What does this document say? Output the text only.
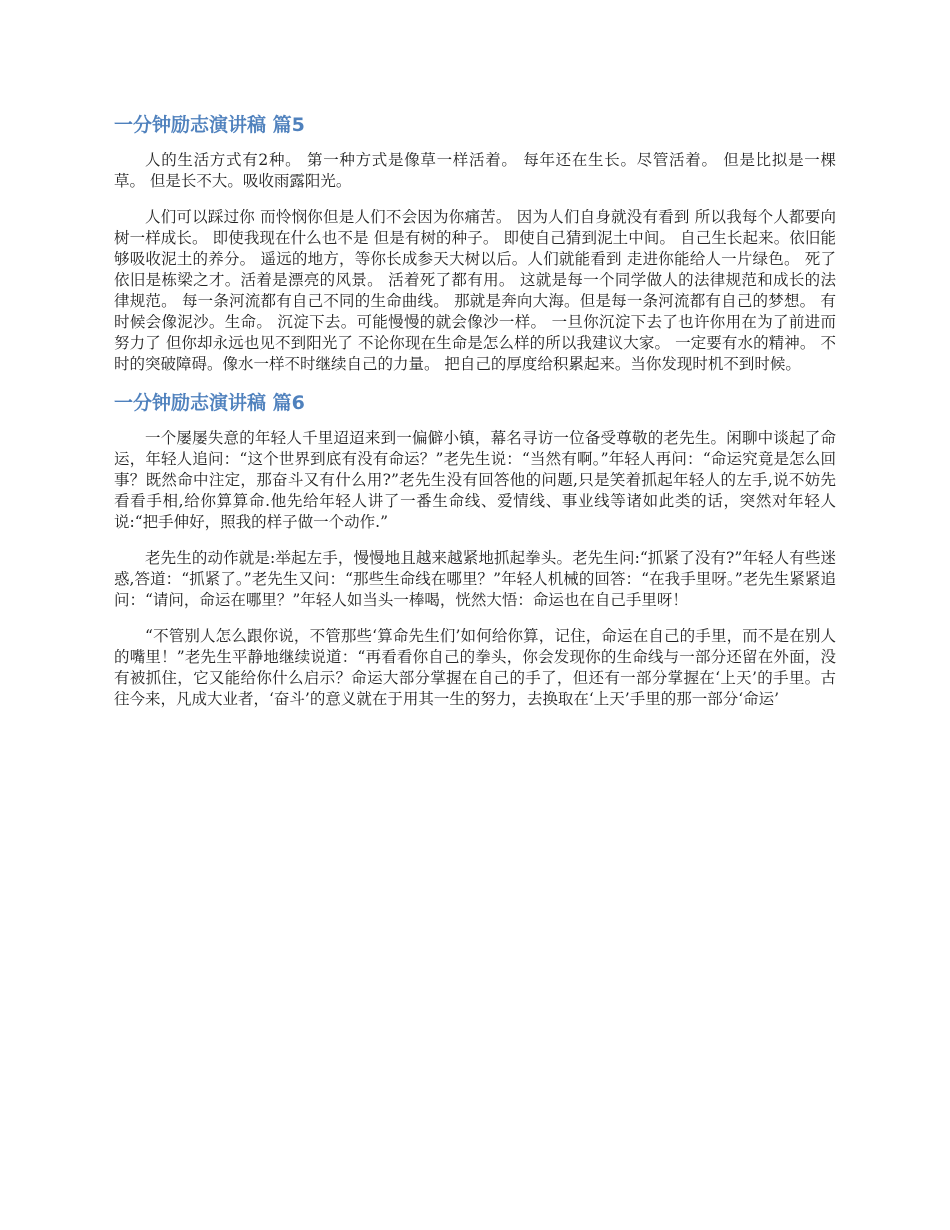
一分钟励志演讲稿 篇5

人的生活方式有2种。 第一种方式是像草一样活着。 每年还在生长。尽管活着。 但是比拟是一棵草。 但是长不大。吸收雨露阳光。

人们可以踩过你 而怜悯你但是人们不会因为你痛苦。 因为人们自身就没有看到 所以我每个人都要向树一样成长。 即使我现在什么也不是 但是有树的种子。 即使自己猜到泥土中间。 自己生长起来。依旧能够吸收泥土的养分。 遥远的地方，等你长成参天大树以后。人们就能看到 走进你能给人一片绿色。 死了依旧是栋梁之才。活着是漂亮的风景。 活着死了都有用。 这就是每一个同学做人的法律规范和成长的法律规范。 每一条河流都有自己不同的生命曲线。 那就是奔向大海。但是每一条河流都有自己的梦想。 有时候会像泥沙。生命。 沉淀下去。可能慢慢的就会像沙一样。 一旦你沉淀下去了也许你用在为了前进而努力了 但你却永远也见不到阳光了 不论你现在生命是怎么样的所以我建议大家。 一定要有水的精神。 不时的突破障碍。像水一样不时继续自己的力量。 把自己的厚度给积累起来。当你发现时机不到时候。

一分钟励志演讲稿 篇6

一个屡屡失意的年轻人千里迢迢来到一偏僻小镇，幕名寻访一位备受尊敬的老先生。闲聊中谈起了命运，年轻人追问：“这个世界到底有没有命运？”老先生说：“当然有啊。”年轻人再问：“命运究竟是怎么回事？既然命中注定，那奋斗又有什么用?”老先生没有回答他的问题,只是笑着抓起年轻人的左手,说不妨先看看手相,给你算算命.他先给年轻人讲了一番生命线、爱情线、事业线等诸如此类的话，突然对年轻人说:“把手伸好，照我的样子做一个动作.”

老先生的动作就是:举起左手，慢慢地且越来越紧地抓起拳头。老先生问:“抓紧了没有?”年轻人有些迷惑,答道：“抓紧了。”老先生又问：“那些生命线在哪里？”年轻人机械的回答：“在我手里呀。”老先生紧紧追问：“请问，命运在哪里？”年轻人如当头一棒喝，恍然大悟：命运也在自己手里呀！

“不管别人怎么跟你说，不管那些‘算命先生们’如何给你算，记住，命运在自己的手里，而不是在别人的嘴里！”老先生平静地继续说道：“再看看你自己的拳头，你会发现你的生命线与一部分还留在外面，没有被抓住，它又能给你什么启示？命运大部分掌握在自己的手了，但还有一部分掌握在‘上天’的手里。古往今来，凡成大业者，‘奋斗’的意义就在于用其一生的努力，去换取在‘上天’手里的那一部分‘命运’
